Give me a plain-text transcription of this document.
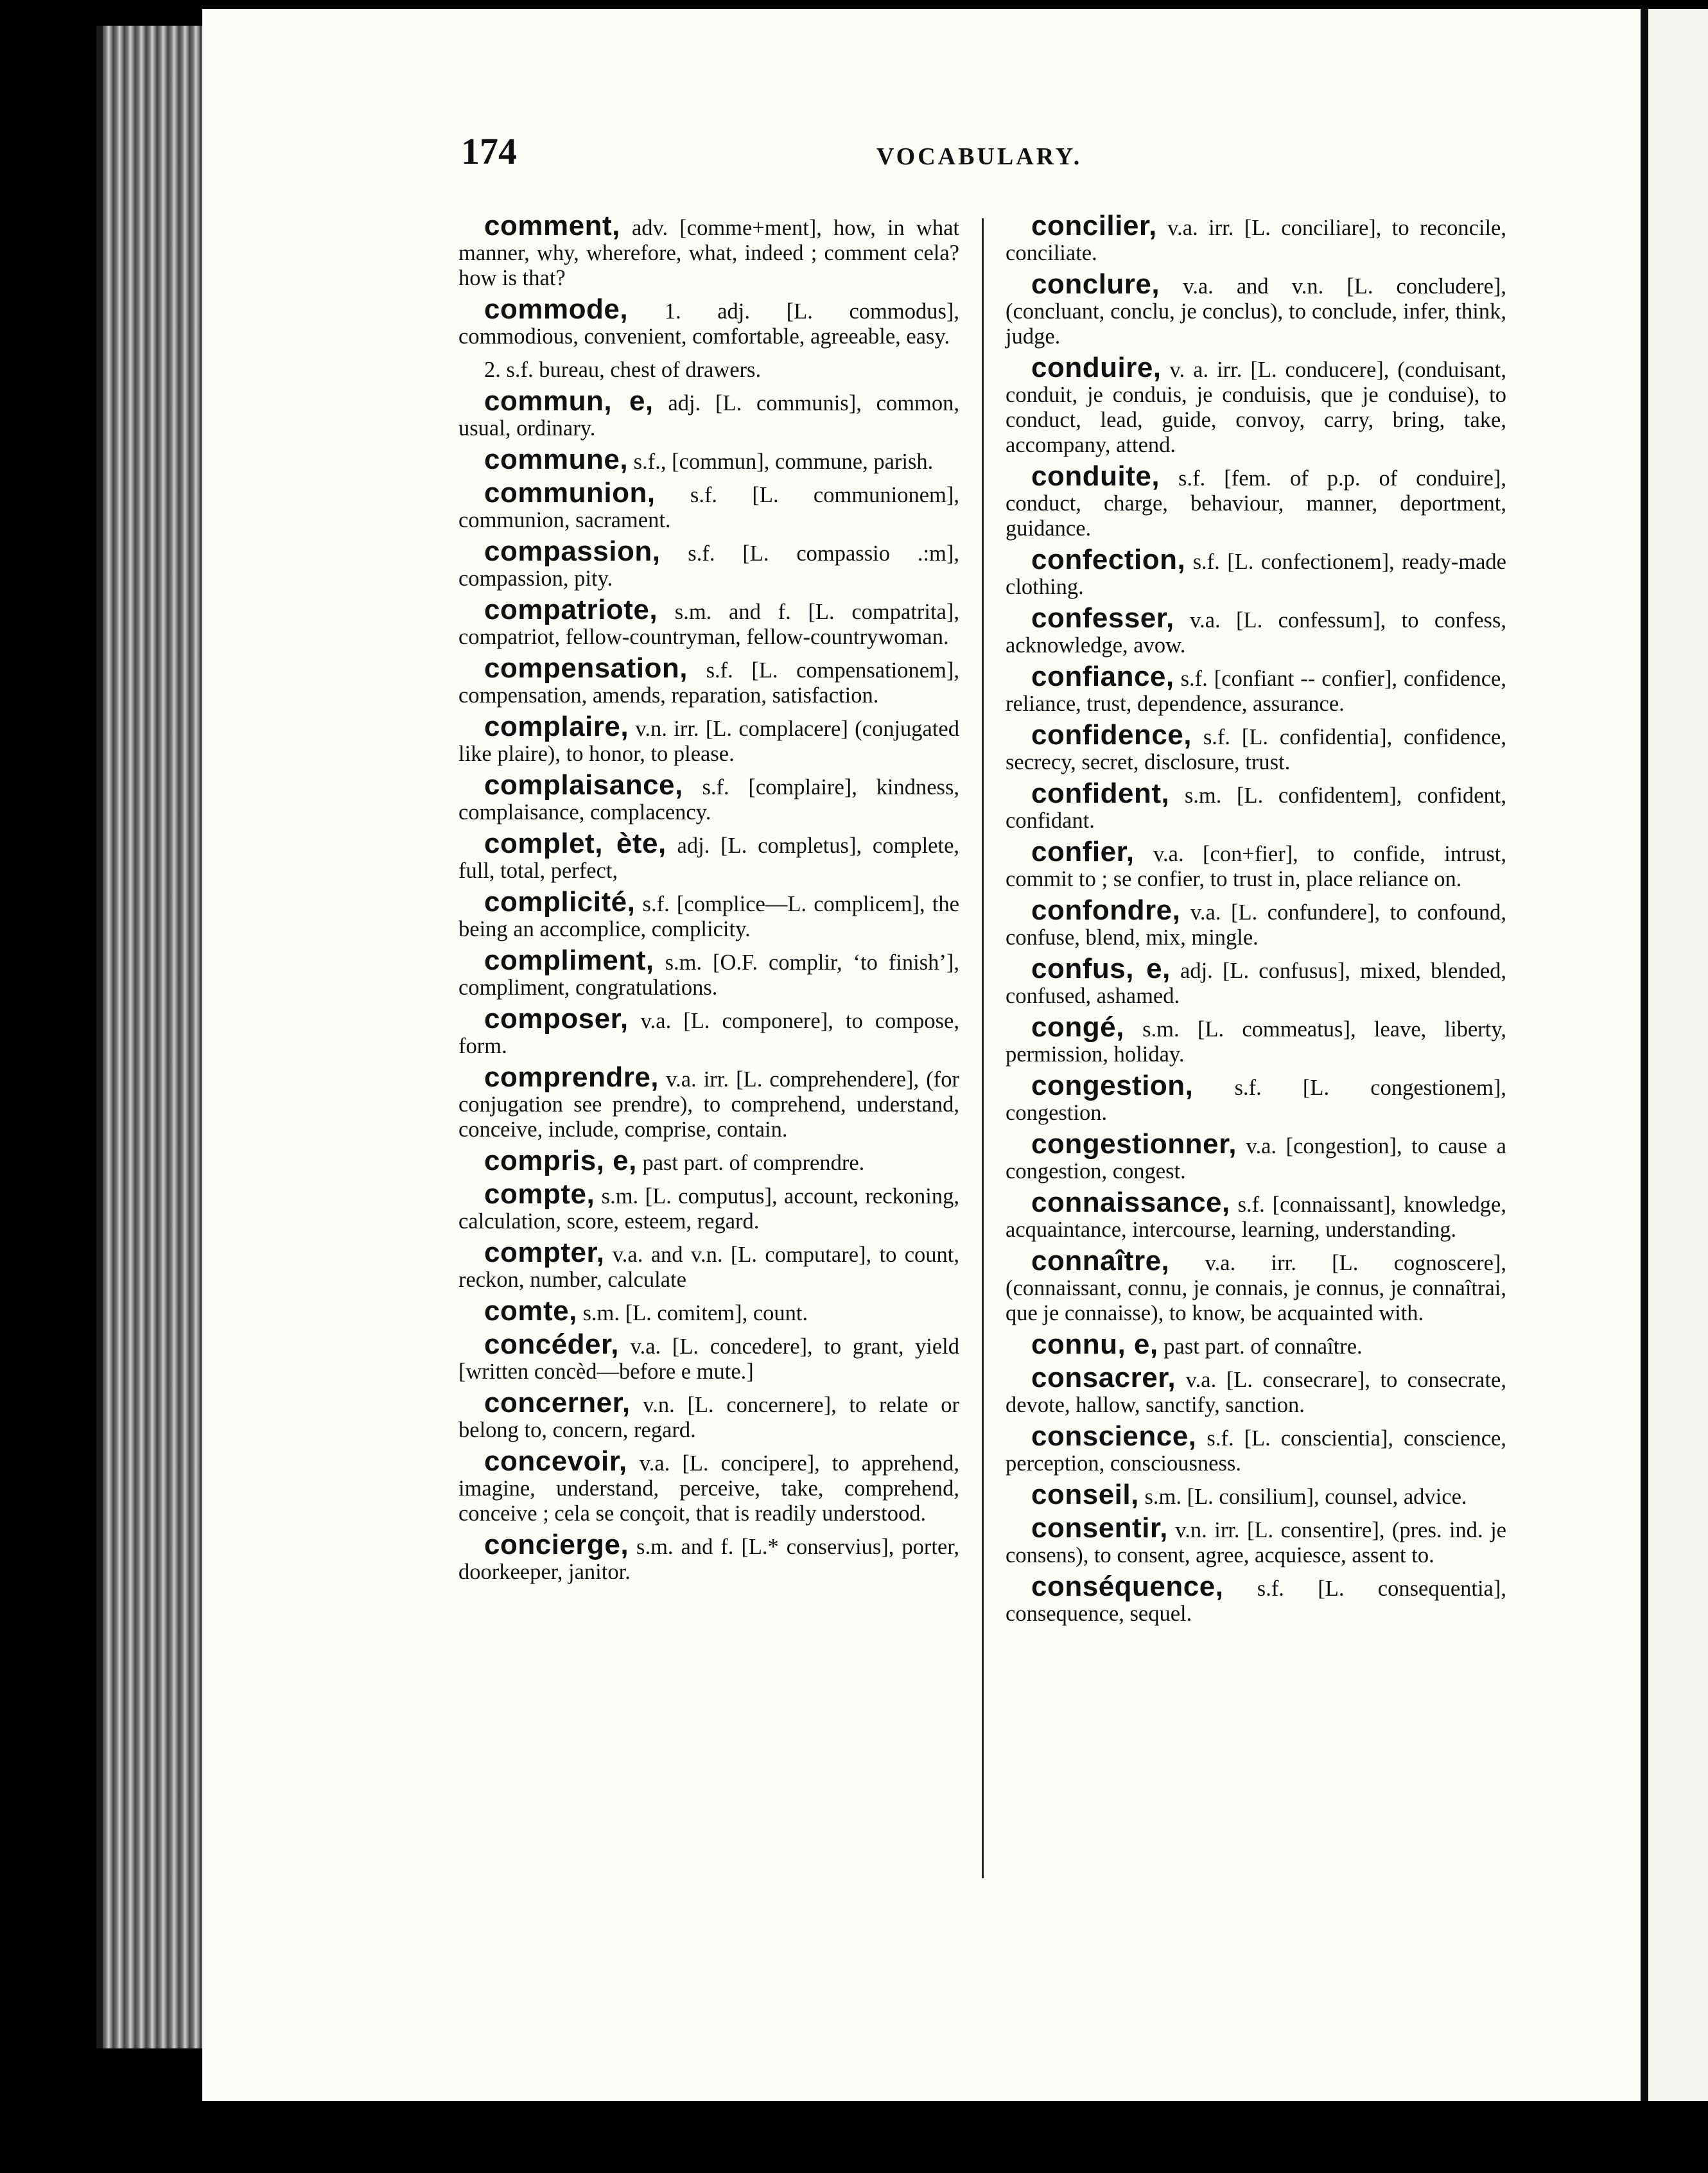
174	VOCABULARY.

comment, adv. [comme+ment], how, in what manner, why, wherefore, what, indeed ; comment cela? how is that?

commode, 1. adj. [L. commodus], commodious, convenient, comfortable, agreeable, easy.

2. s.f. bureau, chest of drawers.

commun, e, adj. [L. communis], common, usual, ordinary.

commune, s.f., [commun], commune, parish.

communion, s.f. [L. communionem], communion, sacrament.

compassion, s.f. [L. compassio .:m], compassion, pity.

compatriote, s.m. and f. [L. compatrita], compatriot, fellow-countryman, fellow-countrywoman.

compensation, s.f. [L. compensationem], compensation, amends, reparation, satisfaction.

complaire, v.n. irr. [L. complacere] (conjugated like plaire), to honor, to please.

complaisance, s.f. [complaire], kindness, complaisance, complacency.

complet, ète, adj. [L. completus], complete, full, total, perfect,

complicité, s.f. [complice—L. complicem], the being an accomplice, complicity.

compliment, s.m. [O.F. complir, ‘to finish’], compliment, congratulations.

composer, v.a. [L. componere], to compose, form.

comprendre, v.a. irr. [L. comprehendere], (for conjugation see prendre), to comprehend, understand, conceive, include, comprise, contain.

compris, e, past part. of comprendre.

compte, s.m. [L. computus], account, reckoning, calculation, score, esteem, regard.

compter, v.a. and v.n. [L. computare], to count, reckon, number, calculate

comte, s.m. [L. comitem], count.

concéder, v.a. [L. concedere], to grant, yield [written concèd—before e mute.]

concerner, v.n. [L. concernere], to relate or belong to, concern, regard.

concevoir, v.a. [L. concipere], to apprehend, imagine, understand, perceive, take, comprehend, conceive ; cela se conçoit, that is readily understood.

concierge, s.m. and f. [L.* conservius], porter, doorkeeper, janitor.

concilier, v.a. irr. [L. conciliare], to reconcile, conciliate.

conclure, v.a. and v.n. [L. concludere], (concluant, conclu, je conclus), to conclude, infer, think, judge.

conduire, v. a. irr. [L. conducere], (conduisant, conduit, je conduis, je conduisis, que je conduise), to conduct, lead, guide, convoy, carry, bring, take, accompany, attend.

conduite, s.f. [fem. of p.p. of conduire], conduct, charge, behaviour, manner, deportment, guidance.

confection, s.f. [L. confectionem], ready-made clothing.

confesser, v.a. [L. confessum], to confess, acknowledge, avow.

confiance, s.f. [confiant -- confier], confidence, reliance, trust, dependence, assurance.

confidence, s.f. [L. confidentia], confidence, secrecy, secret, disclosure, trust.

confident, s.m. [L. confidentem], confident, confidant.

confier, v.a. [con+fier], to confide, intrust, commit to ; se confier, to trust in, place reliance on.

confondre, v.a. [L. confundere], to confound, confuse, blend, mix, mingle.

confus, e, adj. [L. confusus], mixed, blended, confused, ashamed.

congé, s.m. [L. commeatus], leave, liberty, permission, holiday.

congestion, s.f. [L. congestionem], congestion.

congestionner, v.a. [congestion], to cause a congestion, congest.

connaissance, s.f. [connaissant], knowledge, acquaintance, intercourse, learning, understanding.

connaître, v.a. irr. [L. cognoscere], (connaissant, connu, je connais, je connus, je connaîtrai, que je connaisse), to know, be acquainted with.

connu, e, past part. of connaître.

consacrer, v.a. [L. consecrare], to consecrate, devote, hallow, sanctify, sanction.

conscience, s.f. [L. conscientia], conscience, perception, consciousness.

conseil, s.m. [L. consilium], counsel, advice.

consentir, v.n. irr. [L. consentire], (pres. ind. je consens), to consent, agree, acquiesce, assent to.

conséquence, s.f. [L. consequentia], consequence, sequel.
